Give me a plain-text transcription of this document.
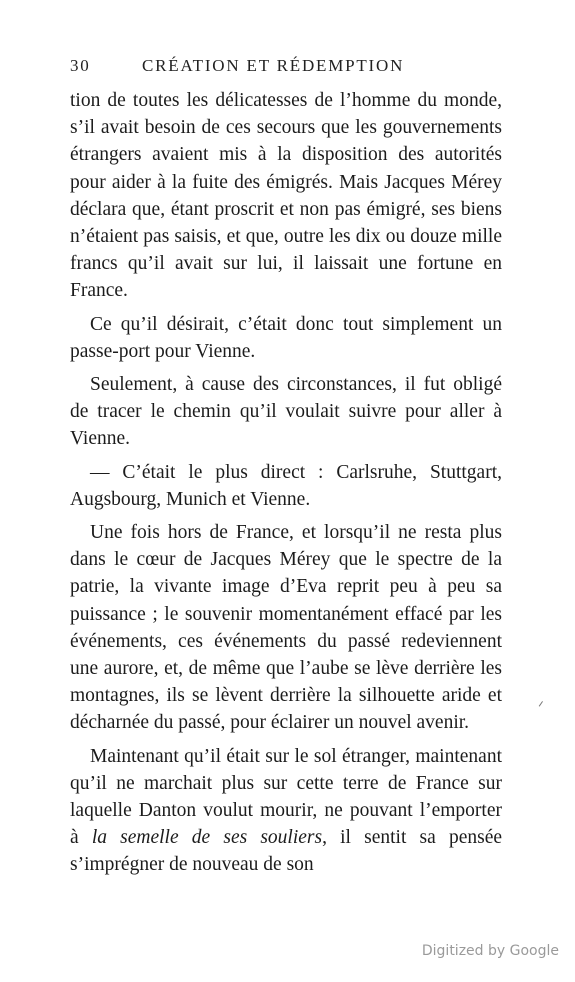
30	CRÉATION ET RÉDEMPTION

tion de toutes les délicatesses de l’homme du monde, s’il avait besoin de ces secours que les gouvernements étrangers avaient mis à la disposition des autorités pour aider à la fuite des émigrés. Mais Jacques Mérey déclara que, étant proscrit et non pas émigré, ses biens n’étaient pas saisis, et que, outre les dix ou douze mille francs qu’il avait sur lui, il laissait une fortune en France.

Ce qu’il désirait, c’était donc tout simplement un passe-port pour Vienne.

Seulement, à cause des circonstances, il fut obligé de tracer le chemin qu’il voulait suivre pour aller à Vienne.

— C’était le plus direct : Carlsruhe, Stuttgart, Augsbourg, Munich et Vienne.

Une fois hors de France, et lorsqu’il ne resta plus dans le cœur de Jacques Mérey que le spectre de la patrie, la vivante image d’Eva reprit peu à peu sa puissance ; le souvenir momentanément effacé par les événements, ces événements du passé redeviennent une aurore, et, de même que l’aube se lève derrière les montagnes, ils se lèvent derrière la silhouette aride et décharnée du passé, pour éclairer un nouvel avenir.

Maintenant qu’il était sur le sol étranger, maintenant qu’il ne marchait plus sur cette terre de France sur laquelle Danton voulut mourir, ne pouvant l’emporter à la semelle de ses souliers, il sentit sa pensée s’imprégner de nouveau de son

Digitized by Google
